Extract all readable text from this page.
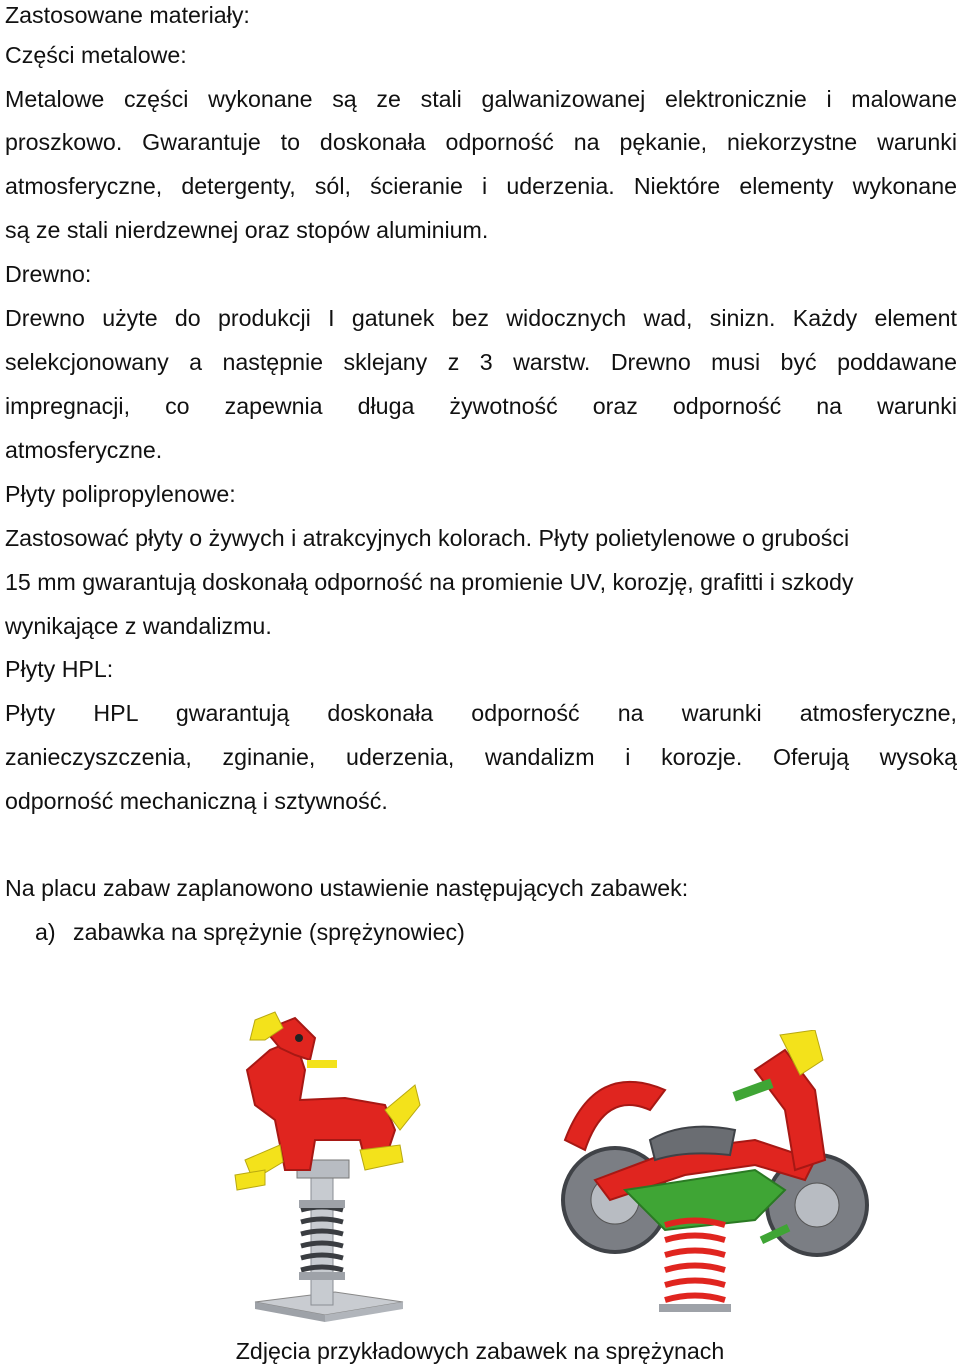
Zastosowane materiały:
Części metalowe:
Metalowe części wykonane są ze stali galwanizowanej elektronicznie i malowane
proszkowo. Gwarantuje to doskonała odporność na pękanie, niekorzystne warunki
atmosferyczne, detergenty, sól, ścieranie i uderzenia. Niektóre elementy wykonane
są ze stali nierdzewnej oraz stopów aluminium.
Drewno:
Drewno użyte do produkcji I gatunek bez widocznych wad, sinizn. Każdy element
selekcjonowany a następnie sklejany z 3 warstw. Drewno musi być poddawane
impregnacji, co zapewnia długa żywotność oraz odporność na warunki
atmosferyczne.
Płyty polipropylenowe:
Zastosować płyty o żywych i atrakcyjnych kolorach. Płyty polietylenowe o grubości
15 mm gwarantują doskonałą odporność na promienie UV, korozję, grafitti i szkody
wynikające z wandalizmu.
Płyty HPL:
Płyty HPL gwarantują doskonała odporność na warunki atmosferyczne,
zanieczyszczenia, zginanie, uderzenia, wandalizm i korozje. Oferują wysoką
odporność mechaniczną i sztywność.
Na placu zabaw zaplanowono ustawienie następujących zabawek:
a) zabawka na sprężynie (sprężynowiec)
Zdjęcia przykładowych zabawek na sprężynach
